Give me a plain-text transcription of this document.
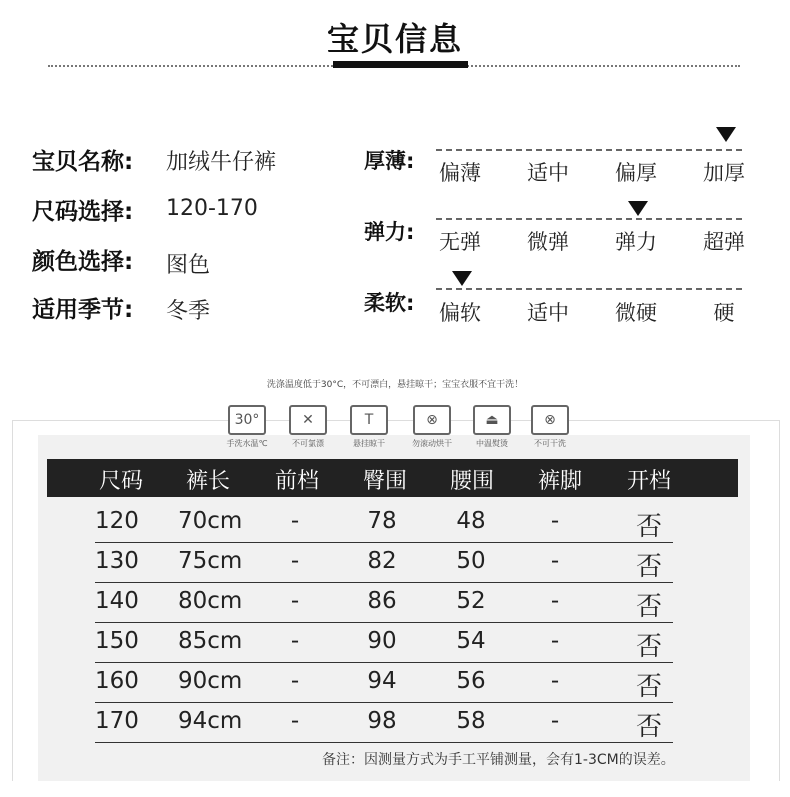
宝贝信息
宝贝名称: 加绒牛仔裤
尺码选择: 120-170
颜色选择: 图色
适用季节: 冬季
厚薄:	偏薄	适中	偏厚	加厚
弹力:	无弹	微弹	弹力	超弹
柔软:	偏软	适中	微硬	硬
洗涤温度低于30°C，不可漂白，悬挂晾干；宝宝衣服不宜干洗！
30°
手洗水温℃
✕
不可氯漂
T
悬挂晾干
⊗
勿滚动烘干
⏏
中温熨烫
⊗
不可干洗
尺码	裤长	前档	臀围	腰围	裤脚	开档
120	70cm	-	78	48	-	否
130	75cm	-	82	50	-	否
140	80cm	-	86	52	-	否
150	85cm	-	90	54	-	否
160	90cm	-	94	56	-	否
170	94cm	-	98	58	-	否
备注：因测量方式为手工平铺测量，会有1-3CM的误差。
